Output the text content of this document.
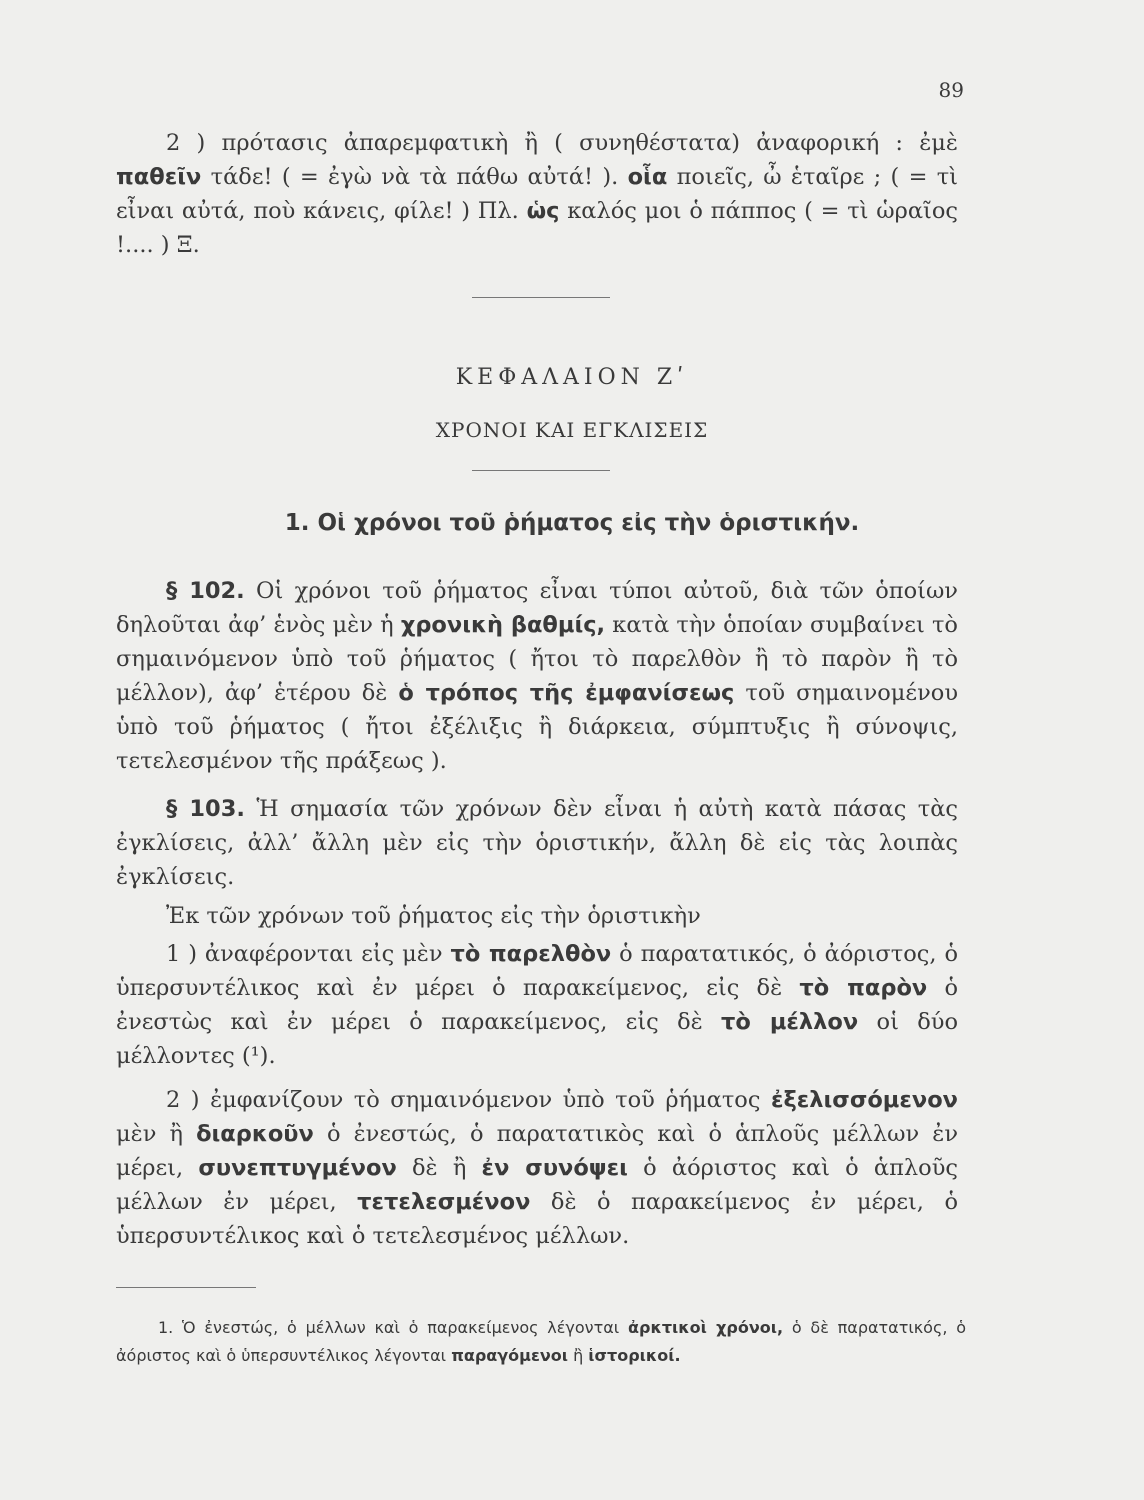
89
2 ) πρότασις ἀπαρεμφατικὴ ἢ ( συνηθέστατα) ἀναφορική : ἐμὲ παθεῖν τάδε! ( = ἐγὼ νὰ τὰ πάθω αὐτά! ). οἷα ποιεῖς, ὦ ἑταῖρε ; ( = τὶ εἶναι αὐτά, ποὺ κάνεις, φίλε! ) Πλ. ὡς καλός μοι ὁ πάππος ( = τὶ ὡραῖος !.... ) Ξ.
ΚΕΦΑΛΑΙΟΝ Ζʹ
ΧΡΟΝΟΙ ΚΑΙ ΕΓΚΛΙΣΕΙΣ
1. Οἱ χρόνοι τοῦ ῥήματος εἰς τὴν ὁριστικήν.
§ 102. Οἱ χρόνοι τοῦ ῥήματος εἶναι τύποι αὐτοῦ, διὰ τῶν ὁποίων δηλοῦται ἀφ’ ἑνὸς μὲν ἡ χρονικὴ βαθμίς, κατὰ τὴν ὁποίαν συμβαίνει τὸ σημαινόμενον ὑπὸ τοῦ ῥήματος ( ἤτοι τὸ παρελθὸν ἢ τὸ παρὸν ἢ τὸ μέλλον), ἀφ’ ἑτέρου δὲ ὁ τρόπος τῆς ἐμφανίσεως τοῦ σημαινομένου ὑπὸ τοῦ ῥήματος ( ἤτοι ἐξέλιξις ἢ διάρκεια, σύμπτυξις ἢ σύνοψις, τετελεσμένον τῆς πράξεως ).
§ 103. Ἡ σημασία τῶν χρόνων δὲν εἶναι ἡ αὐτὴ κατὰ πάσας τὰς ἐγκλίσεις, ἀλλ’ ἄλλη μὲν εἰς τὴν ὁριστικήν, ἄλλη δὲ εἰς τὰς λοιπὰς ἐγκλίσεις.
Ἐκ τῶν χρόνων τοῦ ῥήματος εἰς τὴν ὁριστικὴν
1 ) ἀναφέρονται εἰς μὲν τὸ παρελθὸν ὁ παρατατικός, ὁ ἀόριστος, ὁ ὑπερσυντέλικος καὶ ἐν μέρει ὁ παρακείμενος, εἰς δὲ τὸ παρὸν ὁ ἐνεστὼς καὶ ἐν μέρει ὁ παρακείμενος, εἰς δὲ τὸ μέλλον οἱ δύο μέλλοντες (¹).
2 ) ἐμφανίζουν τὸ σημαινόμενον ὑπὸ τοῦ ῥήματος ἐξελισσόμενον μὲν ἢ διαρκοῦν ὁ ἐνεστώς, ὁ παρατατικὸς καὶ ὁ ἁπλοῦς μέλλων ἐν μέρει, συνεπτυγμένον δὲ ἢ ἐν συνόψει ὁ ἀόριστος καὶ ὁ ἁπλοῦς μέλλων ἐν μέρει, τετελεσμένον δὲ ὁ παρακείμενος ἐν μέρει, ὁ ὑπερσυντέλικος καὶ ὁ τετελεσμένος μέλλων.
1. Ὁ ἐνεστώς, ὁ μέλλων καὶ ὁ παρακείμενος λέγονται ἀρκτικοὶ χρόνοι, ὁ δὲ παρατατικός, ὁ ἀόριστος καὶ ὁ ὑπερσυντέλικος λέγονται παραγόμενοι ἢ ἱστορικοί.
